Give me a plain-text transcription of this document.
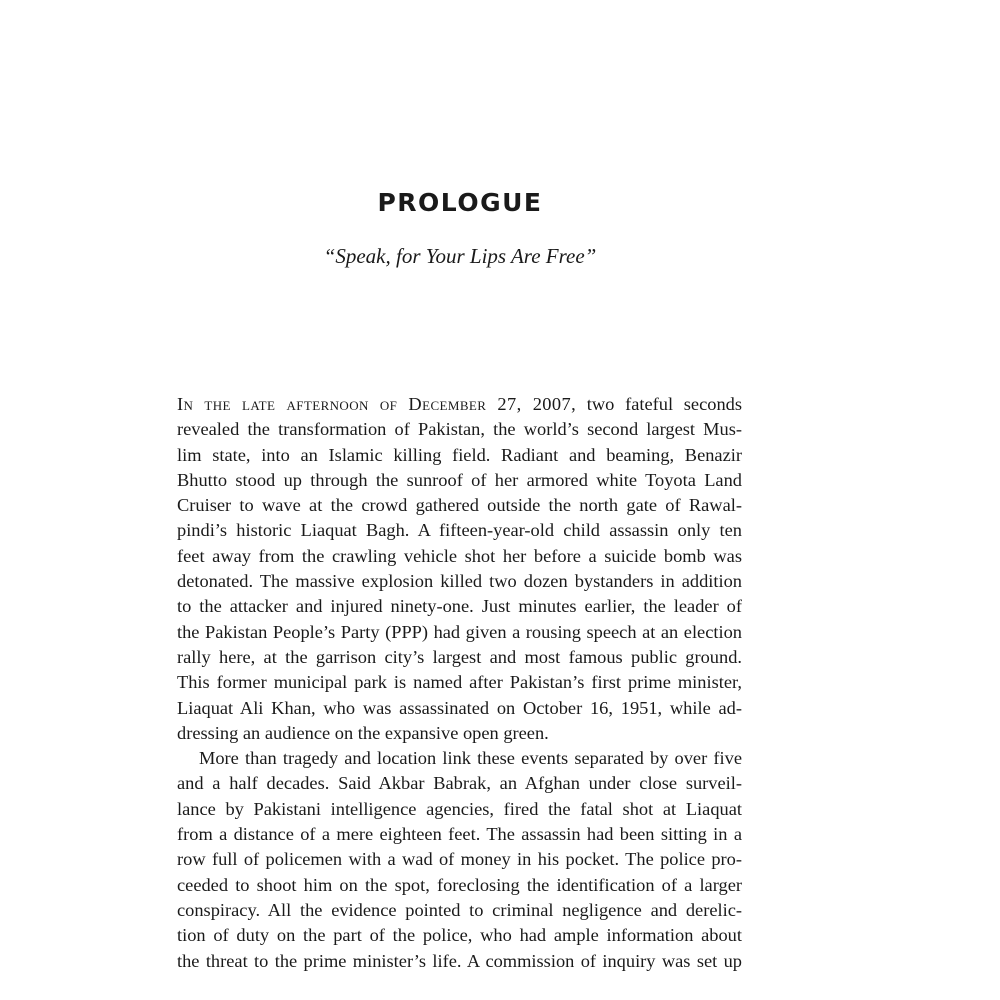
PROLOGUE
“Speak, for Your Lips Are Free”
In the late afternoon of December 27, 2007, two fateful seconds
revealed the transformation of Pakistan, the world’s second largest Mus-
lim state, into an Islamic killing field. Radiant and beaming, Benazir
Bhutto stood up through the sunroof of her armored white Toyota Land
Cruiser to wave at the crowd gathered outside the north gate of Rawal-
pindi’s historic Liaquat Bagh. A fifteen-year-old child assassin only ten
feet away from the crawling vehicle shot her before a suicide bomb was
detonated. The massive explosion killed two dozen bystanders in addition
to the attacker and injured ninety-one. Just minutes earlier, the leader of
the Pakistan People’s Party (PPP) had given a rousing speech at an election
rally here, at the garrison city’s largest and most famous public ground.
This former municipal park is named after Pakistan’s first prime minister,
Liaquat Ali Khan, who was assassinated on October 16, 1951, while ad-
dressing an audience on the expansive open green.
More than tragedy and location link these events separated by over five
and a half decades. Said Akbar Babrak, an Afghan under close surveil-
lance by Pakistani intelligence agencies, fired the fatal shot at Liaquat
from a distance of a mere eighteen feet. The assassin had been sitting in a
row full of policemen with a wad of money in his pocket. The police pro-
ceeded to shoot him on the spot, foreclosing the identification of a larger
conspiracy. All the evidence pointed to criminal negligence and derelic-
tion of duty on the part of the police, who had ample information about
the threat to the prime minister’s life. A commission of inquiry was set up
